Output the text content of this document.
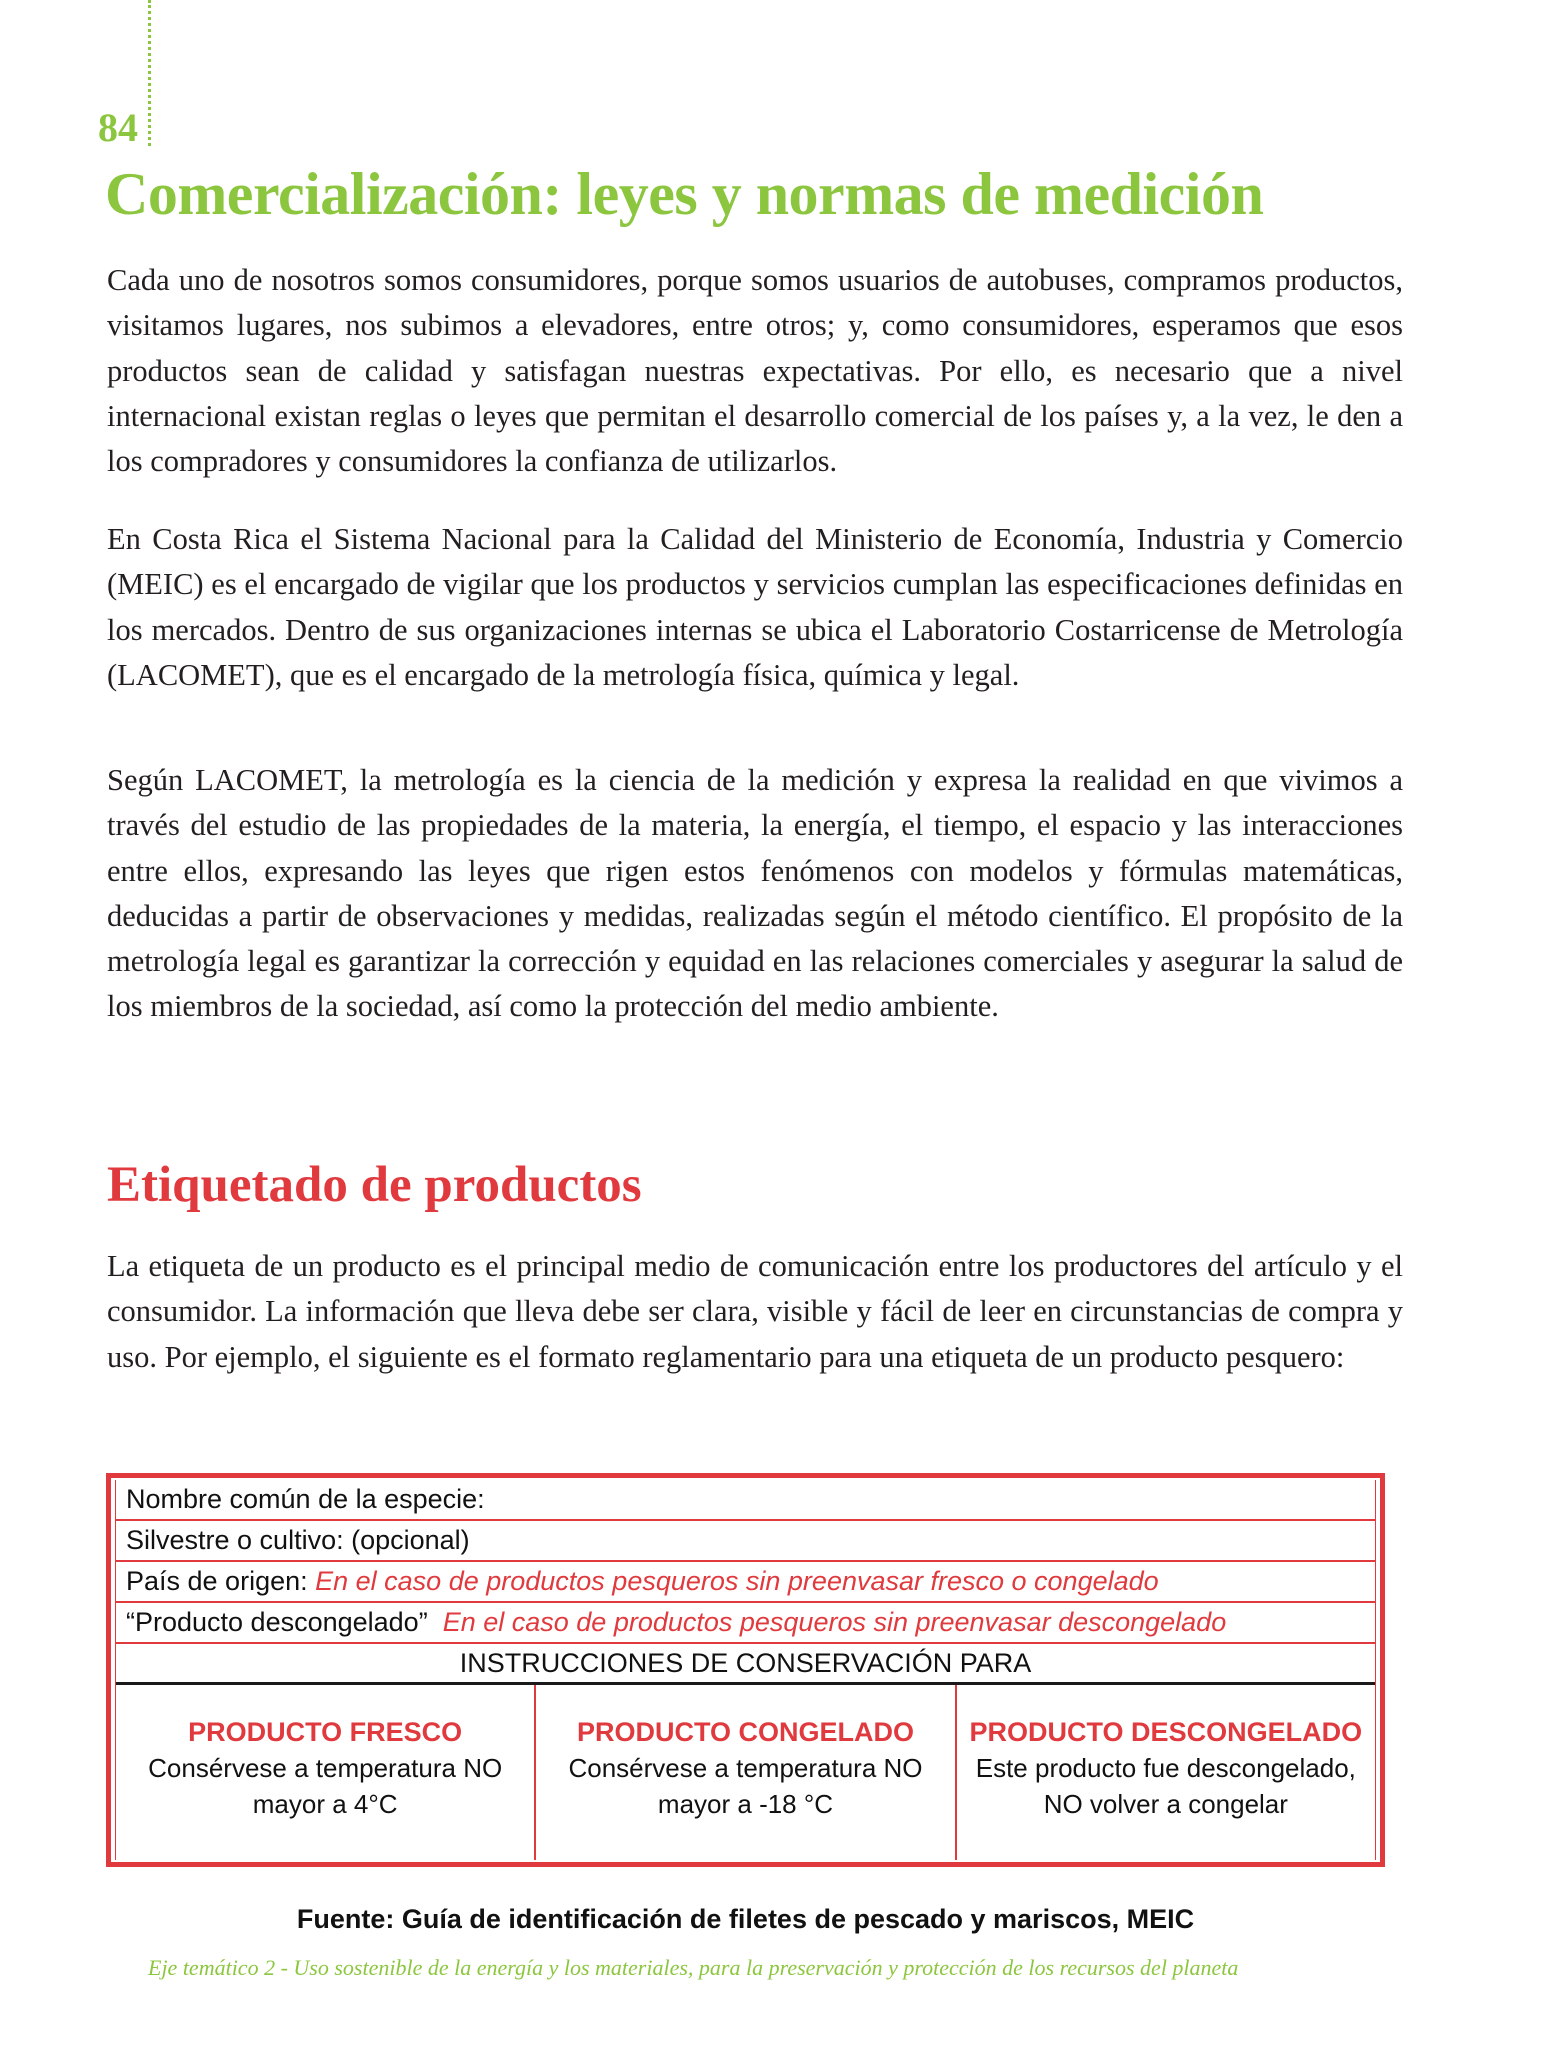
84
Comercialización: leyes y normas de medición

Cada uno de nosotros somos consumidores, porque somos usuarios de autobuses, compramos productos, visitamos lugares, nos subimos a elevadores, entre otros; y, como consumidores, esperamos que esos productos sean de calidad y satisfagan nuestras expectativas. Por ello, es necesario que a nivel internacional existan reglas o leyes que permitan el desarrollo comercial de los países y, a la vez, le den a los compradores y consumidores la confianza de utilizarlos.

En Costa Rica el Sistema Nacional para la Calidad del Ministerio de Economía, Industria y Comercio (MEIC) es el encargado de vigilar que los productos y servicios cumplan las especificaciones definidas en los mercados. Dentro de sus organizaciones internas se ubica el Laboratorio Costarricense de Metrología (LACOMET), que es el encargado de la metrología física, química y legal.

Según LACOMET, la metrología es la ciencia de la medición y expresa la realidad en que vivimos a través del estudio de las propiedades de la materia, la energía, el tiempo, el espacio y las interacciones entre ellos, expresando las leyes que rigen estos fenómenos con modelos y fórmulas matemáticas, deducidas a partir de observaciones y medidas, realizadas según el método científico. El propósito de la metrología legal es garantizar la corrección y equidad en las relaciones comerciales y asegurar la salud de los miembros de la sociedad, así como la protección del medio ambiente.

Etiquetado de productos

La etiqueta de un producto es el principal medio de comunicación entre los productores del artículo y el consumidor. La información que lleva debe ser clara, visible y fácil de leer en circunstancias de compra y uso. Por ejemplo, el siguiente es el formato reglamentario para una etiqueta de un producto pesquero:

Nombre común de la especie:
Silvestre o cultivo: (opcional)
País de origen: En el caso de productos pesqueros sin preenvasar fresco o congelado
“Producto descongelado”  En el caso de productos pesqueros sin preenvasar descongelado
INSTRUCCIONES DE CONSERVACIÓN PARA
PRODUCTO FRESCO
Consérvese a temperatura NO
mayor a 4°C
PRODUCTO CONGELADO
Consérvese a temperatura NO
mayor a -18 °C
PRODUCTO DESCONGELADO
Este producto fue descongelado,
NO volver a congelar
Fuente: Guía de identificación de filetes de pescado y mariscos, MEIC
Eje temático 2 - Uso sostenible de la energía y los materiales, para la preservación y protección de los recursos del planeta
